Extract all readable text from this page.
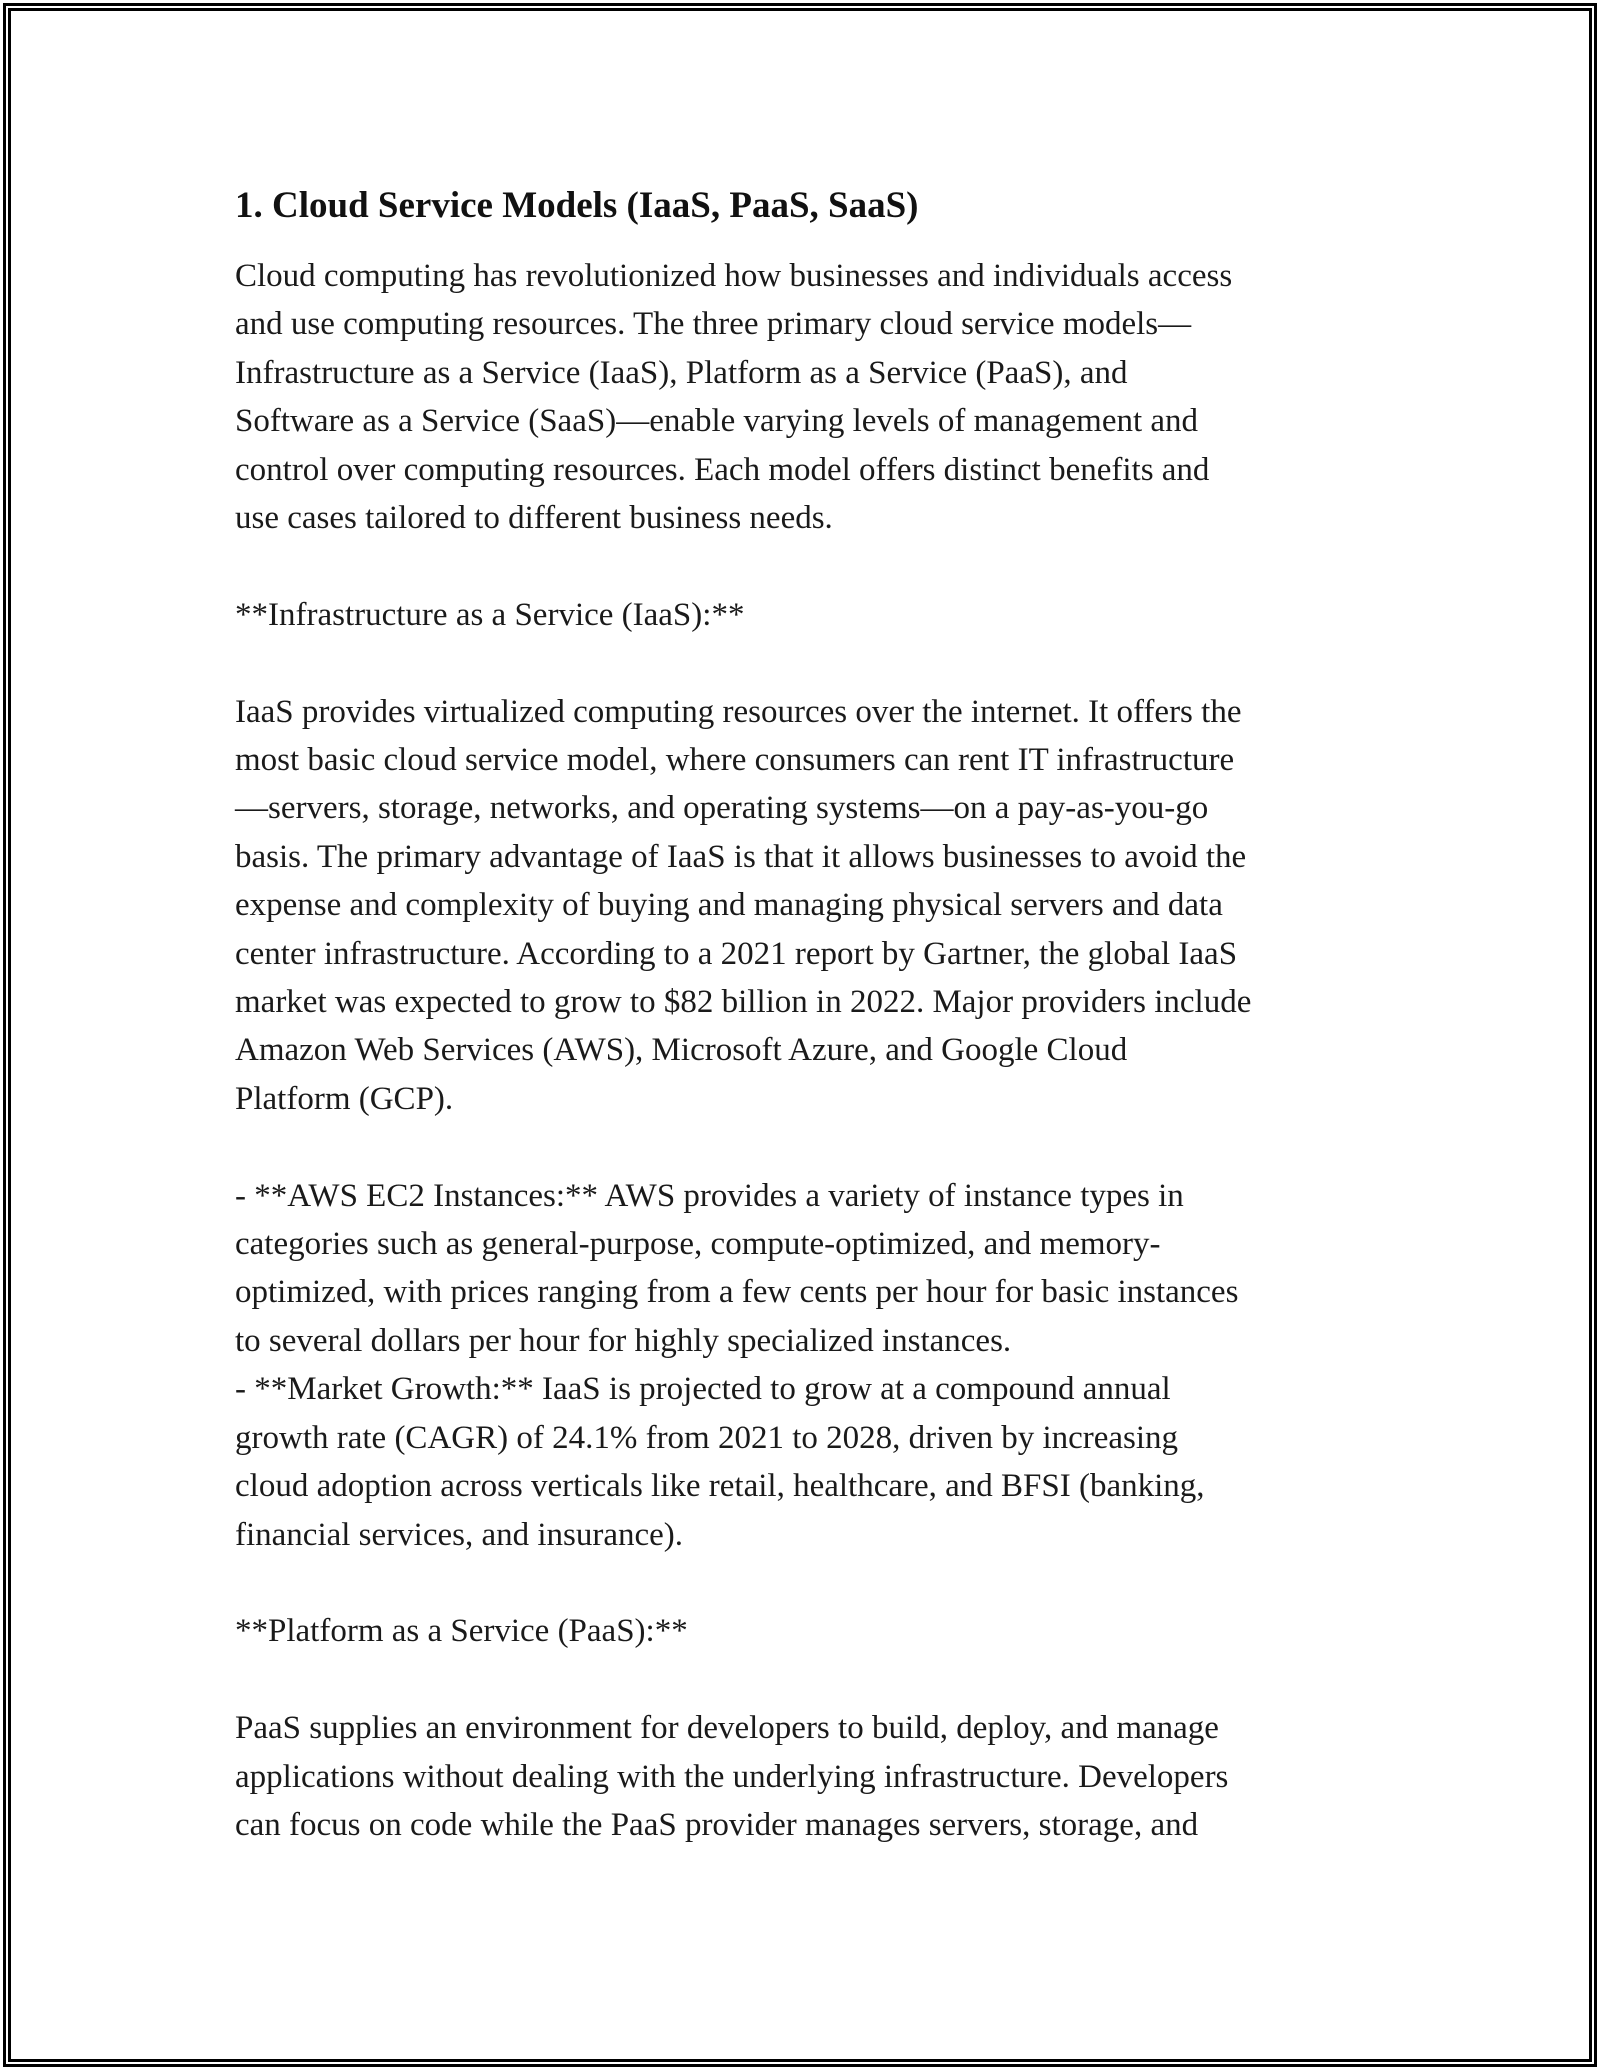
1. Cloud Service Models (IaaS, PaaS, SaaS)

Cloud computing has revolutionized how businesses and individuals access
and use computing resources. The three primary cloud service models—
Infrastructure as a Service (IaaS), Platform as a Service (PaaS), and
Software as a Service (SaaS)—enable varying levels of management and
control over computing resources. Each model offers distinct benefits and
use cases tailored to different business needs.

**Infrastructure as a Service (IaaS):**

IaaS provides virtualized computing resources over the internet. It offers the
most basic cloud service model, where consumers can rent IT infrastructure
—servers, storage, networks, and operating systems—on a pay-as-you-go
basis. The primary advantage of IaaS is that it allows businesses to avoid the
expense and complexity of buying and managing physical servers and data
center infrastructure. According to a 2021 report by Gartner, the global IaaS
market was expected to grow to $82 billion in 2022. Major providers include
Amazon Web Services (AWS), Microsoft Azure, and Google Cloud
Platform (GCP).

- **AWS EC2 Instances:** AWS provides a variety of instance types in
categories such as general-purpose, compute-optimized, and memory-
optimized, with prices ranging from a few cents per hour for basic instances
to several dollars per hour for highly specialized instances.
- **Market Growth:** IaaS is projected to grow at a compound annual
growth rate (CAGR) of 24.1% from 2021 to 2028, driven by increasing
cloud adoption across verticals like retail, healthcare, and BFSI (banking,
financial services, and insurance).

**Platform as a Service (PaaS):**

PaaS supplies an environment for developers to build, deploy, and manage
applications without dealing with the underlying infrastructure. Developers
can focus on code while the PaaS provider manages servers, storage, and
